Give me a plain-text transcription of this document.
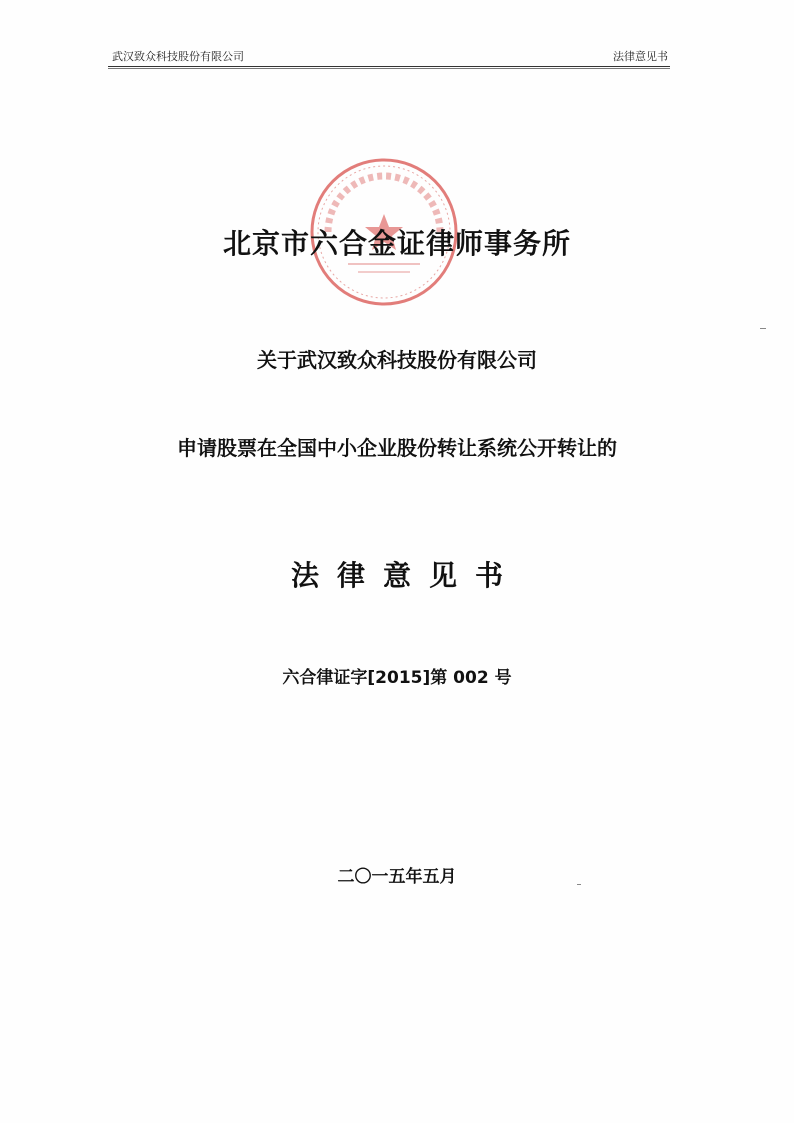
武汉致众科技股份有限公司	法律意见书
北京市六合金证律师事务所
关于武汉致众科技股份有限公司
申请股票在全国中小企业股份转让系统公开转让的
法律意见书
六合律证字[2015]第 002 号
二〇一五年五月
